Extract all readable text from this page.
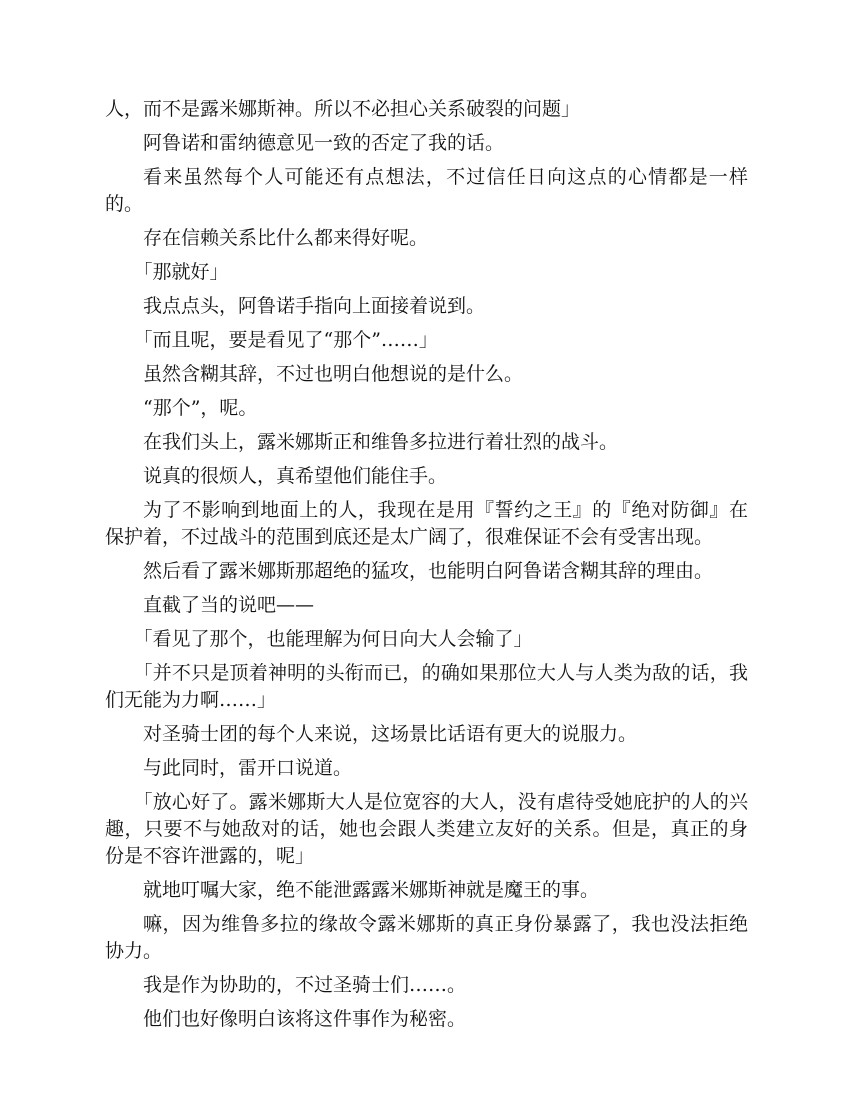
人，而不是露米娜斯神。所以不必担心关系破裂的问题」

阿鲁诺和雷纳德意见一致的否定了我的话。

看来虽然每个人可能还有点想法，不过信任日向这点的心情都是一样的。

存在信赖关系比什么都来得好呢。

「那就好」

我点点头，阿鲁诺手指向上面接着说到。

「而且呢，要是看见了“那个”……」

虽然含糊其辞，不过也明白他想说的是什么。

“那个”，呢。

在我们头上，露米娜斯正和维鲁多拉进行着壮烈的战斗。

说真的很烦人，真希望他们能住手。

为了不影响到地面上的人，我现在是用『誓约之王』的『绝对防御』在保护着，不过战斗的范围到底还是太广阔了，很难保证不会有受害出现。

然后看了露米娜斯那超绝的猛攻，也能明白阿鲁诺含糊其辞的理由。

直截了当的说吧——

「看见了那个，也能理解为何日向大人会输了」

「并不只是顶着神明的头衔而已，的确如果那位大人与人类为敌的话，我们无能为力啊……」

对圣骑士团的每个人来说，这场景比话语有更大的说服力。

与此同时，雷开口说道。

「放心好了。露米娜斯大人是位宽容的大人，没有虐待受她庇护的人的兴趣，只要不与她敌对的话，她也会跟人类建立友好的关系。但是，真正的身份是不容许泄露的，呢」

就地叮嘱大家，绝不能泄露露米娜斯神就是魔王的事。

嘛，因为维鲁多拉的缘故令露米娜斯的真正身份暴露了，我也没法拒绝协力。

我是作为协助的，不过圣骑士们……。

他们也好像明白该将这件事作为秘密。
